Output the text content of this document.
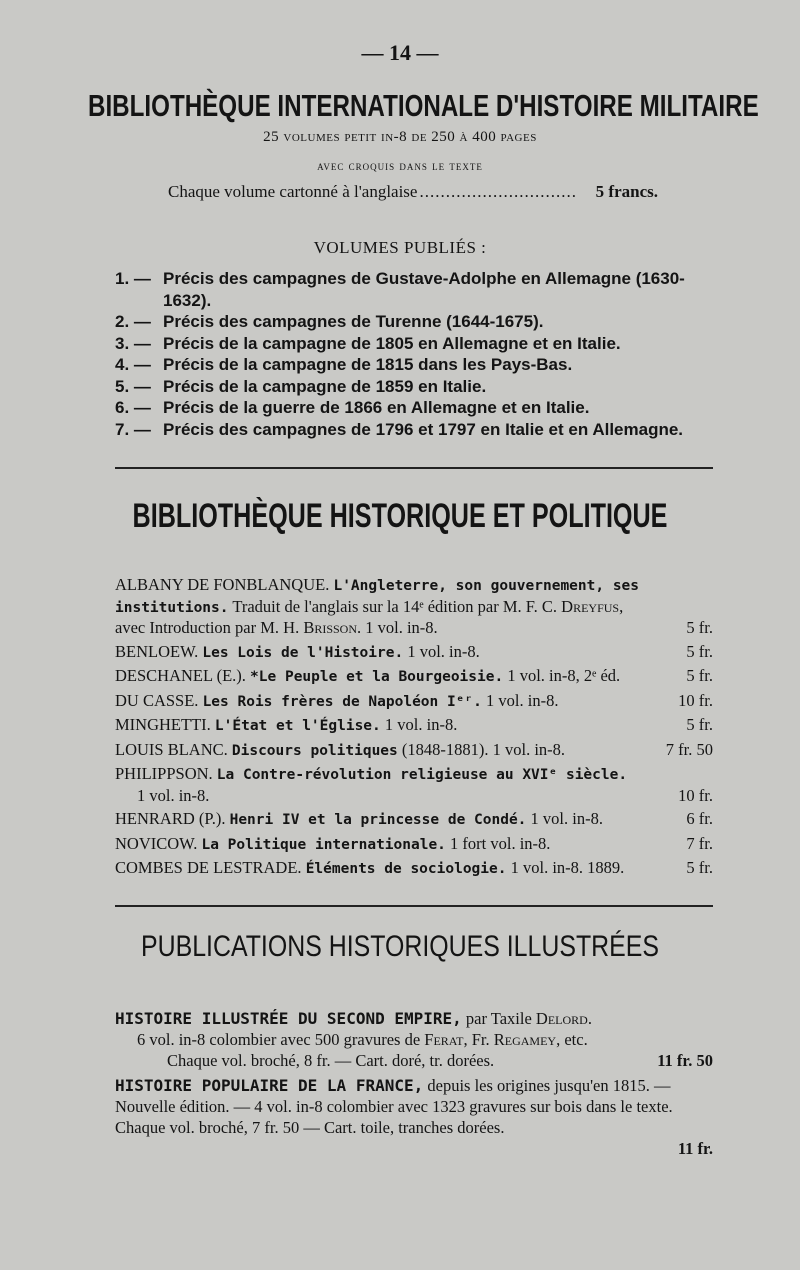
— 14 —
BIBLIOTHÈQUE INTERNATIONALE D'HISTOIRE MILITAIRE
25 volumes petit in-8 de 250 à 400 pages
avec croquis dans le texte
Chaque volume cartonné à l'anglaise
.....	5 francs.
VOLUMES PUBLIÉS :
1. — Précis des campagnes de Gustave-Adolphe en Allemagne (1630-1632).
2. — Précis des campagnes de Turenne (1644-1675).
3. — Précis de la campagne de 1805 en Allemagne et en Italie.
4. — Précis de la campagne de 1815 dans les Pays-Bas.
5. — Précis de la campagne de 1859 en Italie.
6. — Précis de la guerre de 1866 en Allemagne et en Italie.
7. — Précis des campagnes de 1796 et 1797 en Italie et en Allemagne.
BIBLIOTHÈQUE HISTORIQUE ET POLITIQUE
ALBANY DE FONBLANQUE. L'Angleterre, son gouvernement, ses institutions. Traduit de l'anglais sur la 14ᵉ édition par M. F. C. Dreyfus,
avec Introduction par M. H. Brisson. 1 vol. in-8.	5 fr.
BENLOEW. Les Lois de l'Histoire. 1 vol. in-8.	5 fr.
DESCHANEL (E.). *Le Peuple et la Bourgeoisie. 1 vol. in-8, 2ᵉ éd.	5 fr.
DU CASSE. Les Rois frères de Napoléon Iᵉʳ. 1 vol. in-8.	10 fr.
MINGHETTI. L'État et l'Église. 1 vol. in-8.	5 fr.
LOUIS BLANC. Discours politiques (1848-1881). 1 vol. in-8.	7 fr. 50
PHILIPPSON. La Contre-révolution religieuse au XVIᵉ siècle.
1 vol. in-8.	10 fr.
HENRARD (P.). Henri IV et la princesse de Condé. 1 vol. in-8.	6 fr.
NOVICOW. La Politique internationale. 1 fort vol. in-8.	7 fr.
COMBES DE LESTRADE. Éléments de sociologie. 1 vol. in-8. 1889.	5 fr.
PUBLICATIONS HISTORIQUES ILLUSTRÉES
HISTOIRE ILLUSTRÉE DU SECOND EMPIRE, par Taxile Delord.
6 vol. in-8 colombier avec 500 gravures de Ferat, Fr. Regamey, etc.
Chaque vol. broché, 8 fr. — Cart. doré, tr. dorées.	11 fr. 50
HISTOIRE POPULAIRE DE LA FRANCE, depuis les origines jusqu'en 1815. — Nouvelle édition. — 4 vol. in-8 colombier avec 1323 gravures sur bois dans le texte. Chaque vol. broché, 7 fr. 50 — Cart. toile, tranches dorées.
11 fr.
